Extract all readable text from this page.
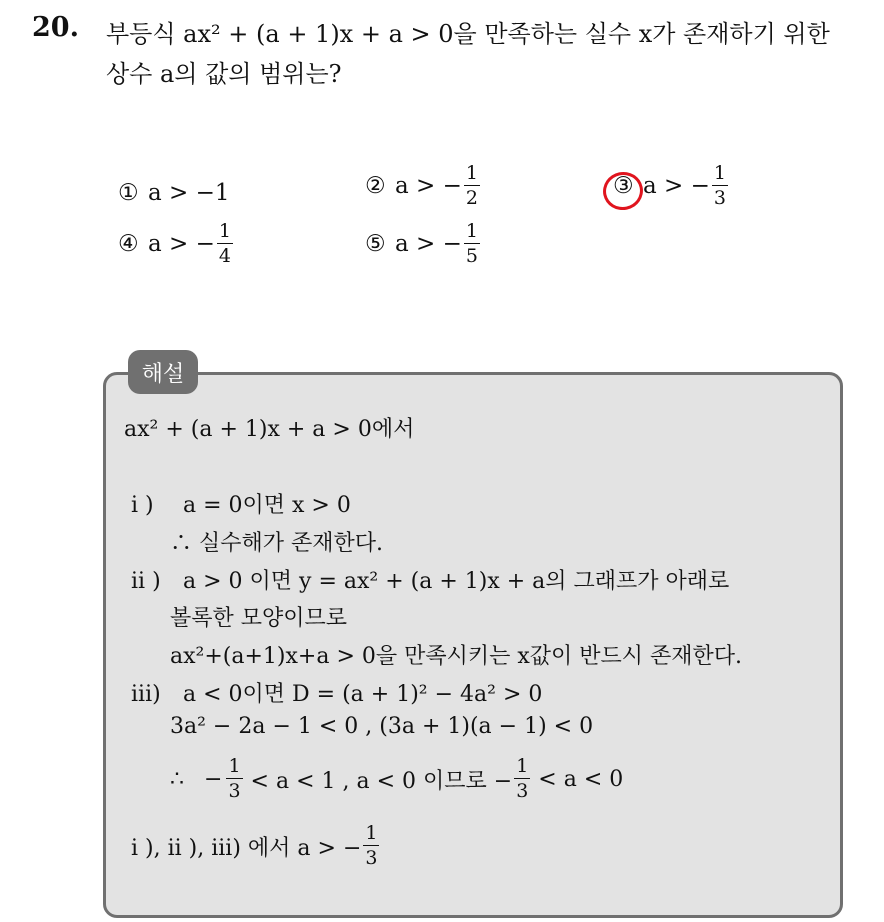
20. 부등식 ax² + (a + 1)x + a > 0을 만족하는 실수 x가 존재하기 위한
상수 a의 값의 범위는?
① a > −1	② a > − $\frac{1}{2}$	③ a > − $\frac{1}{3}$
④ a > − $\frac{1}{4}$	⑤ a > − $\frac{1}{5}$
해설
ax² + (a + 1)x + a > 0에서
i ) a = 0이면 x > 0
∴ 실수해가 존재한다.
ii ) a > 0 이면 y = ax² + (a + 1)x + a의 그래프가 아래로
볼록한 모양이므로
ax²+(a+1)x+a > 0을 만족시키는 x값이 반드시 존재한다.
iii) a < 0이면 D = (a + 1)² − 4a² > 0
3a² − 2a − 1 < 0 , (3a + 1)(a − 1) < 0
∴ − $\frac{1}{3} < a < 1$ , a < 0 이므로 − $\frac{1}{3} < a < 0$
i ), ii ), iii) 에서 a > − $\frac{1}{3}$
